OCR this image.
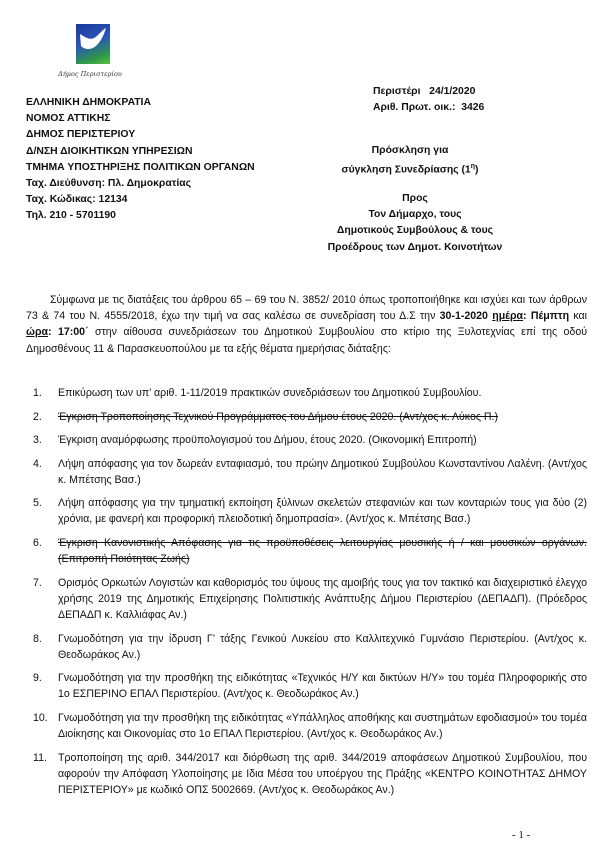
Δήμος Περιστερίου
ΕΛΛΗΝΙΚΗ ΔΗΜΟΚΡΑΤΙΑ
ΝΟΜΟΣ ΑΤΤΙΚΗΣ
ΔΗΜΟΣ ΠΕΡΙΣΤΕΡΙΟΥ
Δ/ΝΣΗ ΔΙΟΙΚΗΤΙΚΩΝ ΥΠΗΡΕΣΙΩΝ
ΤΜΗΜΑ ΥΠΟΣΤΗΡΙΞΗΣ ΠΟΛΙΤΙΚΩΝ ΟΡΓΑΝΩΝ
Ταχ. Διεύθυνση: Πλ. Δημοκρατίας
Ταχ. Κώδικας: 12134
Τηλ. 210 - 5701190
Περιστέρι   24/1/2020
Αριθ. Πρωτ. οικ.:  3426
Πρόσκληση για
σύγκληση Συνεδρίασης $(1^\eta)$
Προς
Τον Δήμαρχο, τους
Δημοτικούς Συμβούλους & τους
Προέδρους των Δημοτ. Κοινοτήτων
Σύμφωνα με τις διατάξεις του άρθρου 65 – 69 του Ν. 3852/ 2010 όπως τροποποιήθηκε και ισχύει και των άρθρων 73 & 74 του Ν. 4555/2018, έχω την τιμή να σας καλέσω σε συνεδρίαση του Δ.Σ την 30-1-2020 ημέρα: Πέμπτη και ώρα: 17:00΄ στην αίθουσα συνεδριάσεων του Δημοτικού Συμβουλίου στο κτίριο της Ξυλοτεχνίας επί της οδού Δημοσθένους 11 & Παρασκευοπούλου με τα εξής θέματα ημερήσιας διάταξης:
1. Επικύρωση των υπ’ αριθ. 1-11/2019 πρακτικών συνεδριάσεων του Δημοτικού Συμβουλίου.
2. Έγκριση Τροποποίησης Τεχνικού Προγράμματος του Δήμου έτους 2020. (Αντ/χος κ. Λύκος Π.)
3. Έγκριση αναμόρφωσης προϋπολογισμού του Δήμου, έτους 2020. (Οικονομική Επιτροπή)
4. Λήψη απόφασης για τον δωρεάν ενταφιασμό, του πρώην Δημοτικού Συμβούλου Κωνσταντίνου Λαλένη. (Αντ/χος κ. Μπέτσης Βασ.)
5. Λήψη απόφασης για την τμηματική εκποίηση ξύλινων σκελετών στεφανιών και των κονταριών τους για δύο (2) χρόνια, με φανερή και προφορική πλειοδοτική δημοπρασία». (Αντ/χος κ. Μπέτσης Βασ.)
6. Έγκριση Κανονιστικής Απόφασης για τις προϋποθέσεις λειτουργίας μουσικής ή / και μουσικών οργάνων. (Επιτροπή Ποιότητας Ζωής)
7. Ορισμός Ορκωτών Λογιστών και καθορισμός του ύψους της αμοιβής τους για τον τακτικό και διαχειριστικό έλεγχο χρήσης 2019 της Δημοτικής Επιχείρησης Πολιτιστικής Ανάπτυξης Δήμου Περιστερίου (ΔΕΠΑΔΠ). (Πρόεδρος ΔΕΠΑΔΠ κ. Καλλιάφας Αν.)
8. Γνωμοδότηση για την ίδρυση Γ’ τάξης Γενικού Λυκείου στο Καλλιτεχνικό Γυμνάσιο Περιστερίου. (Αντ/χος κ. Θεοδωράκος Αν.)
9. Γνωμοδότηση για την προσθήκη της ειδικότητας «Τεχνικός Η/Υ και δικτύων Η/Υ» του τομέα Πληροφορικής στο 1ο ΕΣΠΕΡΙΝΟ ΕΠΑΛ Περιστερίου. (Αντ/χος κ. Θεοδωράκος Αν.)
10. Γνωμοδότηση για την προσθήκη της ειδικότητας «Υπάλληλος αποθήκης και συστημάτων εφοδιασμού» του τομέα Διοίκησης και Οικονομίας στο 1ο ΕΠΑΛ Περιστερίου. (Αντ/χος κ. Θεοδωράκος Αν.)
11. Τροποποίηση της αριθ. 344/2017 και διόρθωση της αριθ. 344/2019 αποφάσεων Δημοτικού Συμβουλίου, που αφορούν την Απόφαση Υλοποίησης με Ιδια Μέσα του υποέργου της Πράξης «ΚΕΝΤΡΟ ΚΟΙΝΟΤΗΤΑΣ ΔΗΜΟΥ ΠΕΡΙΣΤΕΡΙΟΥ» με κωδικό ΟΠΣ 5002669. (Αντ/χος κ. Θεοδωράκος Αν.)
- 1 -
